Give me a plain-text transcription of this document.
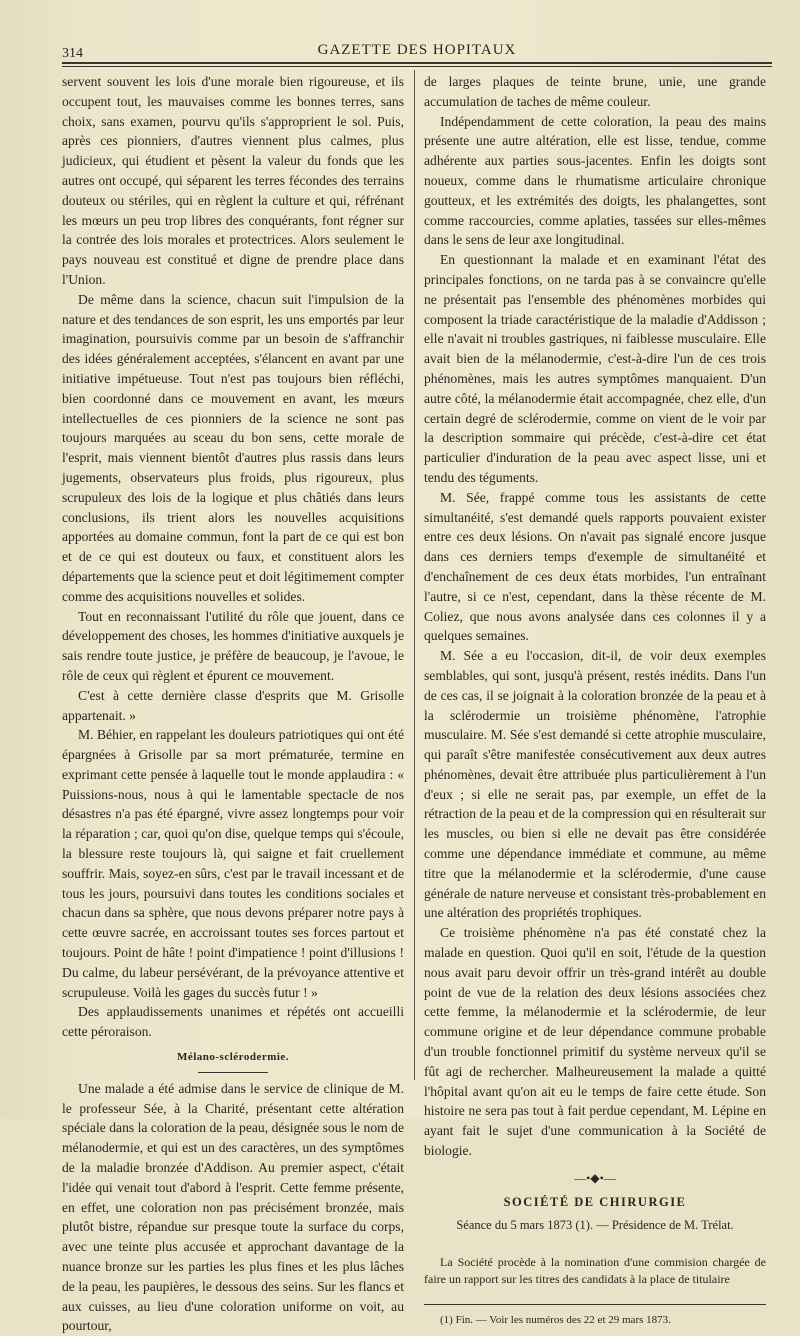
314	GAZETTE DES HOPITAUX

servent souvent les lois d'une morale bien rigoureuse, et ils occupent tout, les mauvaises comme les bonnes terres, sans choix, sans examen, pourvu qu'ils s'approprient le sol. Puis, après ces pionniers, d'autres viennent plus calmes, plus judicieux, qui étudient et pèsent la valeur du fonds que les autres ont occupé, qui séparent les terres fécondes des terrains douteux ou stériles, qui en règlent la culture et qui, réfrénant les mœurs un peu trop libres des conquérants, font régner sur la contrée des lois morales et protectrices. Alors seulement le pays nouveau est constitué et digne de prendre place dans l'Union.

De même dans la science, chacun suit l'impulsion de la nature et des tendances de son esprit, les uns emportés par leur imagination, poursuivis comme par un besoin de s'affranchir des idées généralement acceptées, s'élancent en avant par une initiative impétueuse. Tout n'est pas toujours bien réfléchi, bien coordonné dans ce mouvement en avant, les mœurs intellectuelles de ces pionniers de la science ne sont pas toujours marquées au sceau du bon sens, cette morale de l'esprit, mais viennent bientôt d'autres plus rassis dans leurs jugements, observateurs plus froids, plus rigoureux, plus scrupuleux des lois de la logique et plus châtiés dans leurs conclusions, ils trient alors les nouvelles acquisitions apportées au domaine commun, font la part de ce qui est bon et de ce qui est douteux ou faux, et constituent alors les départements que la science peut et doit légitimement compter comme des acquisitions nouvelles et solides.

Tout en reconnaissant l'utilité du rôle que jouent, dans ce développement des choses, les hommes d'initiative auxquels je sais rendre toute justice, je préfère de beaucoup, je l'avoue, le rôle de ceux qui règlent et épurent ce mouvement.

C'est à cette dernière classe d'esprits que M. Grisolle appartenait. »

M. Béhier, en rappelant les douleurs patriotiques qui ont été épargnées à Grisolle par sa mort prématurée, termine en exprimant cette pensée à laquelle tout le monde applaudira : « Puissions-nous, nous à qui le lamentable spectacle de nos désastres n'a pas été épargné, vivre assez longtemps pour voir la réparation ; car, quoi qu'on dise, quelque temps qui s'écoule, la blessure reste toujours là, qui saigne et fait cruellement souffrir. Mais, soyez-en sûrs, c'est par le travail incessant et de tous les jours, poursuivi dans toutes les conditions sociales et chacun dans sa sphère, que nous devons préparer notre pays à cette œuvre sacrée, en accroissant toutes ses forces partout et toujours. Point de hâte ! point d'impatience ! point d'illusions ! Du calme, du labeur persévérant, de la prévoyance attentive et scrupuleuse. Voilà les gages du succès futur ! »

Des applaudissements unanimes et répétés ont accueilli cette péroraison.

Mélano-sclérodermie.

Une malade a été admise dans le service de clinique de M. le professeur Sée, à la Charité, présentant cette altération spéciale dans la coloration de la peau, désignée sous le nom de mélanodermie, et qui est un des caractères, un des symptômes de la maladie bronzée d'Addison. Au premier aspect, c'était l'idée qui venait tout d'abord à l'esprit. Cette femme présente, en effet, une coloration non pas précisément bronzée, mais plutôt bistre, répandue sur presque toute la surface du corps, avec une teinte plus accusée et approchant davantage de la nuance bronze sur les parties les plus fines et les plus lâches de la peau, les paupières, le dessous des seins. Sur les flancs et aux cuisses, au lieu d'une coloration uniforme on voit, au pourtour,

de larges plaques de teinte brune, unie, une grande accumulation de taches de même couleur.

Indépendamment de cette coloration, la peau des mains présente une autre altération, elle est lisse, tendue, comme adhérente aux parties sous-jacentes. Enfin les doigts sont noueux, comme dans le rhumatisme articulaire chronique goutteux, et les extrémités des doigts, les phalangettes, sont comme raccourcies, comme aplaties, tassées sur elles-mêmes dans le sens de leur axe longitudinal.

En questionnant la malade et en examinant l'état des principales fonctions, on ne tarda pas à se convaincre qu'elle ne présentait pas l'ensemble des phénomènes morbides qui composent la triade caractéristique de la maladie d'Addisson ; elle n'avait ni troubles gastriques, ni faiblesse musculaire. Elle avait bien de la mélanodermie, c'est-à-dire l'un de ces trois phénomènes, mais les autres symptômes manquaient. D'un autre côté, la mélanodermie était accompagnée, chez elle, d'un certain degré de sclérodermie, comme on vient de le voir par la description sommaire qui précède, c'est-à-dire cet état particulier d'induration de la peau avec aspect lisse, uni et tendu des téguments.

M. Sée, frappé comme tous les assistants de cette simultanéité, s'est demandé quels rapports pouvaient exister entre ces deux lésions. On n'avait pas signalé encore jusque dans ces derniers temps d'exemple de simultanéité et d'enchaînement de ces deux états morbides, l'un entraînant l'autre, si ce n'est, cependant, dans la thèse récente de M. Coliez, que nous avons analysée dans ces colonnes il y a quelques semaines.

M. Sée a eu l'occasion, dit-il, de voir deux exemples semblables, qui sont, jusqu'à présent, restés inédits. Dans l'un de ces cas, il se joignait à la coloration bronzée de la peau et à la sclérodermie un troisième phénomène, l'atrophie musculaire. M. Sée s'est demandé si cette atrophie musculaire, qui paraît s'être manifestée consécutivement aux deux autres phénomènes, devait être attribuée plus particulièrement à l'un d'eux ; si elle ne serait pas, par exemple, un effet de la rétraction de la peau et de la compression qui en résulterait sur les muscles, ou bien si elle ne devait pas être considérée comme une dépendance immédiate et commune, au même titre que la mélanodermie et la sclérodermie, d'une cause générale de nature nerveuse et consistant très-probablement en une altération des propriétés trophiques.

Ce troisième phénomène n'a pas été constaté chez la malade en question. Quoi qu'il en soit, l'étude de la question nous avait paru devoir offrir un très-grand intérêt au double point de vue de la relation des deux lésions associées chez cette femme, la mélanodermie et la sclérodermie, de leur commune origine et de leur dépendance commune probable d'un trouble fonctionnel primitif du système nerveux qu'il se fût agi de rechercher. Malheureusement la malade a quitté l'hôpital avant qu'on ait eu le temps de faire cette étude. Son histoire ne sera pas tout à fait perdue cependant, M. Lépine en ayant fait le sujet d'une communication à la Société de biologie.

—•◆•—
SOCIÉTÉ DE CHIRURGIE
Séance du 5 mars 1873 (1). — Présidence de M. Trélat.

La Société procède à la nomination d'une commision chargée de faire un rapport sur les titres des candidats à la place de titulaire

(1) Fin. — Voir les numéros des 22 et 29 mars 1873.
